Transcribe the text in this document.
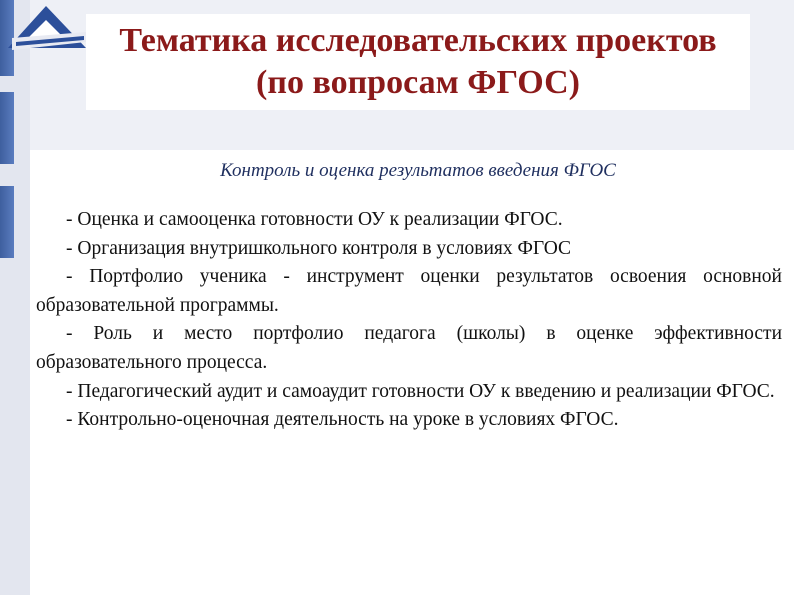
Тематика исследовательских проектов (по вопросам ФГОС)
Контроль и оценка результатов введения ФГОС

- Оценка и самооценка готовности ОУ к реализации ФГОС.

- Организация внутришкольного контроля в условиях ФГОС

- Портфолио ученика - инструмент оценки результатов освоения основной образовательной программы.

- Роль и место портфолио педагога (школы) в оценке эффективности образовательного процесса.

- Педагогический аудит и самоаудит готовности ОУ к введению и реализации ФГОС.

- Контрольно-оценочная деятельность на уроке в условиях ФГОС.
